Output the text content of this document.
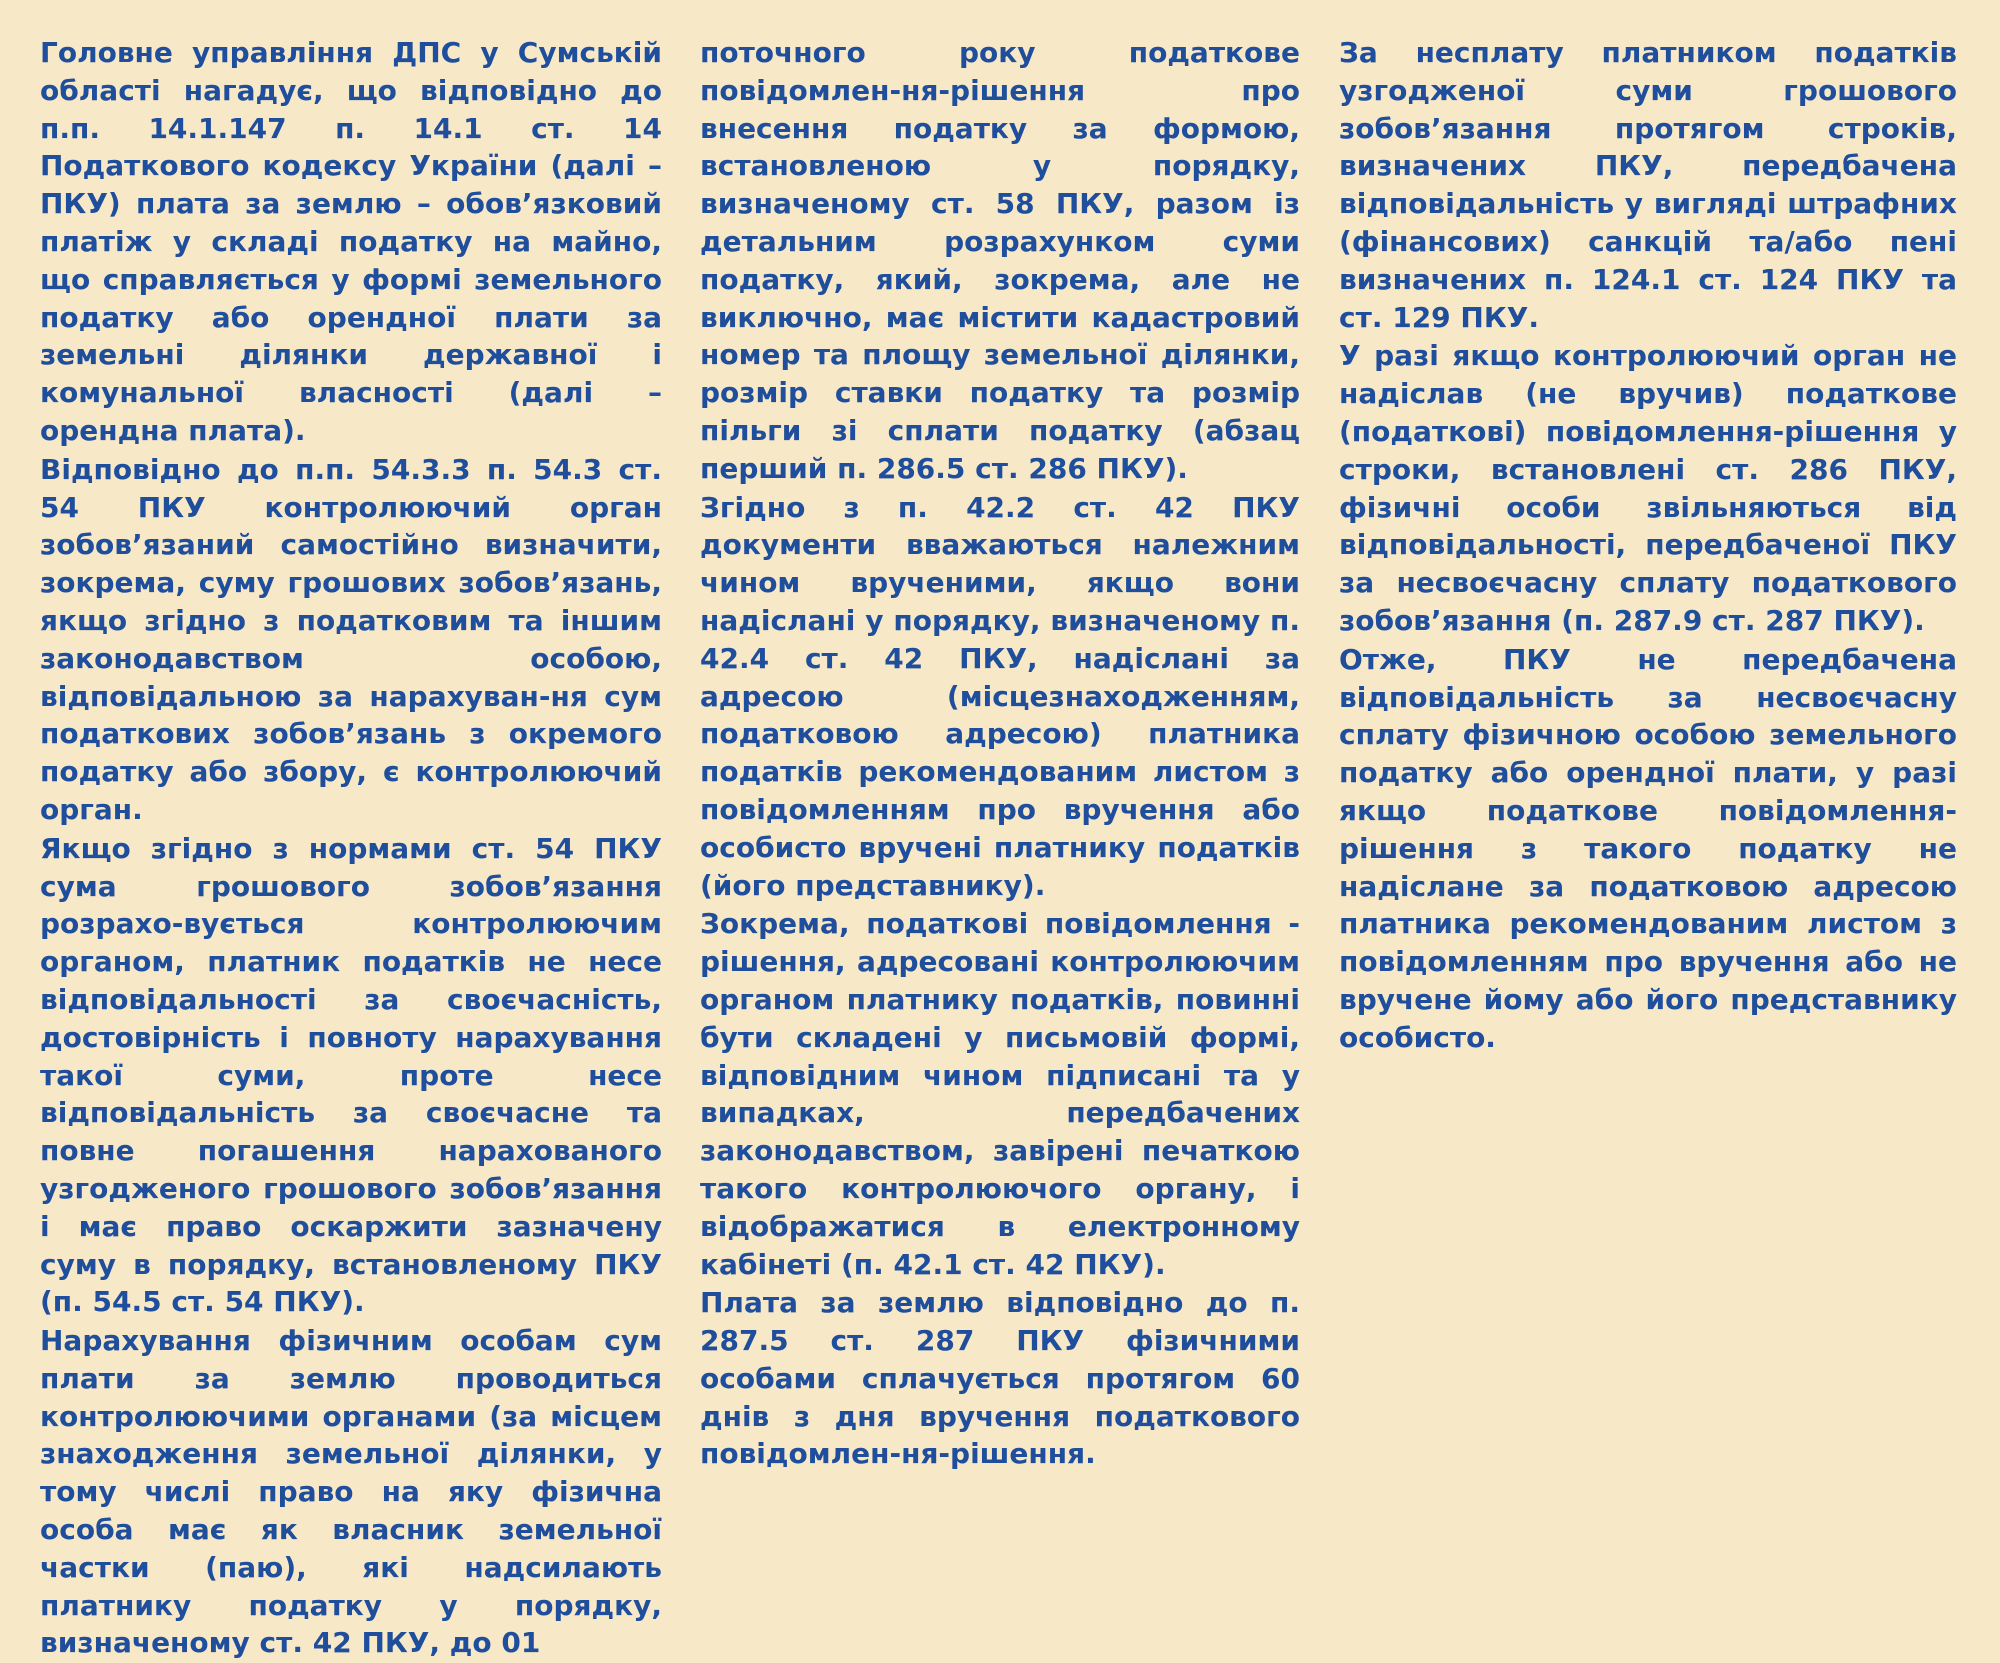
Головне управління ДПС у Сумській області нагадує, що відповідно до п.п. 14.1.147 п. 14.1 ст. 14 Податкового кодексу України (далі – ПКУ) плата за землю – обов’язковий платіж у складі податку на майно, що справляється у формі земельного податку або орендної плати за земельні ділянки державної і комунальної власності (далі – орендна плата).

Відповідно до п.п. 54.3.3 п. 54.3 ст. 54 ПКУ контролюючий орган зобов’язаний самостійно визначити, зокрема, суму грошових зобов’язань, якщо згідно з податковим та іншим законодавством особою, відповідальною за нарахуван-ня сум податкових зобов’язань з окремого податку або збору, є контролюючий орган.

Якщо згідно з нормами ст. 54 ПКУ сума грошового зобов’язання розрахо-вується контролюючим органом, платник податків не несе відповідальності за своєчасність, достовірність і повноту нарахування такої суми, проте несе відповідальність за своєчасне та повне погашення нарахованого узгодженого грошового зобов’язання і має право оскаржити зазначену суму в порядку, встановленому ПКУ (п. 54.5 ст. 54 ПКУ).

Нарахування фізичним особам сум плати за землю проводиться контролюючими органами (за місцем знаходження земельної ділянки, у тому числі право на яку фізична особа має як власник земельної частки (паю), які надсилають платнику податку у порядку, визначеному ст. 42 ПКУ, до 01

поточного року податкове повідомлен-ня-рішення про внесення податку за формою, встановленою у порядку, визначеному ст. 58 ПКУ, разом із детальним розрахунком суми податку, який, зокрема, але не виключно, має містити кадастровий номер та площу земельної ділянки, розмір ставки податку та розмір пільги зі сплати податку (абзац перший п. 286.5 ст. 286 ПКУ).

Згідно з п. 42.2 ст. 42 ПКУ документи вважаються належним чином врученими, якщо вони надіслані у порядку, визначеному п. 42.4 ст. 42 ПКУ, надіслані за адресою (місцезнаходженням, податковою адресою) платника податків рекомендованим листом з повідомленням про вручення або особисто вручені платнику податків (його представнику).

Зокрема, податкові повідомлення - рішення, адресовані контролюючим органом платнику податків, повинні бути складені у письмовій формі, відповідним чином підписані та у випадках, передбачених законодавством, завірені печаткою такого контролюючого органу, і відображатися в електронному кабінеті (п. 42.1 ст. 42 ПКУ).

Плата за землю відповідно до п. 287.5 ст. 287 ПКУ фізичними особами сплачується протягом 60 днів з дня вручення податкового повідомлен-ня-рішення.

За несплату платником податків узгодженої суми грошового зобов’язання протягом строків, визначених ПКУ, передбачена відповідальність у вигляді штрафних (фінансових) санкцій та/або пені визначених п. 124.1 ст. 124 ПКУ та ст. 129 ПКУ.

У разі якщо контролюючий орган не надіслав (не вручив) податкове (податкові) повідомлення-рішення у строки, встановлені ст. 286 ПКУ, фізичні особи звільняються від відповідальності, передбаченої ПКУ за несвоєчасну сплату податкового зобов’язання (п. 287.9 ст. 287 ПКУ).

Отже, ПКУ не передбачена відповідальність за несвоєчасну сплату фізичною особою земельного податку або орендної плати, у разі якщо податкове повідомлення-рішення з такого податку не надіслане за податковою адресою платника рекомендованим листом з повідомленням про вручення або не вручене йому або його представнику особисто.
